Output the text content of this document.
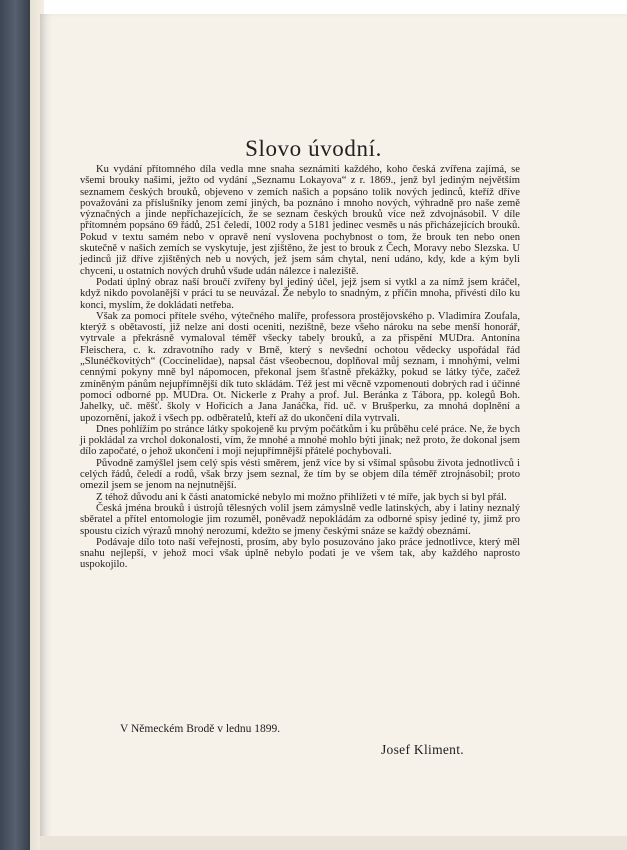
Slovo úvodní.

Ku vydání přítomného díla vedla mne snaha seznámiti každého, koho česká zvířena zajímá, se všemi brouky našimi, ježto od vydání „Seznamu Lokayova“ z r. 1869., jenž byl jediným největším seznamem českých brouků, objeveno v zemích našich a popsáno tolik nových jedinců, kteříž dříve považováni za příslušníky jenom zemí jiných, ba poznáno i mnoho nových, výhradně pro naše země význačných a jinde nepříchazejících, že se seznam českých brouků více než zdvojnásobil. V díle přítomném popsáno 69 řádů, 251 čeledí, 1002 rody a 5181 jedinec vesměs u nás přicházejících brouků. Pokud v textu samém nebo v opravě není vyslovena pochybnost o tom, že brouk ten nebo onen skutečně v našich zemích se vyskytuje, jest zjištěno, že jest to brouk z Čech, Moravy nebo Slezska. U jedinců již dříve zjištěných neb u nových, jež jsem sám chytal, není udáno, kdy, kde a kým byli chyceni, u ostatních nových druhů všude udán nálezce i naleziště.

Podati úplný obraz naší broučí zvířeny byl jediný účel, jejž jsem si vytkl a za nímž jsem kráčel, když nikdo povolanější v práci tu se neuvázal. Že nebylo to snadným, z příčin mnoha, přivésti dílo ku konci, myslím, že dokládati netřeba.

Však za pomoci přítele svého, výtečného malíře, professora prostějovského p. Vladimíra Zoufala, kterýž s obětavostí, již nelze ani dosti oceniti, nezištně, beze všeho nároku na sebe menší honorář, vytrvale a překrásně vymaloval téměř všecky tabely brouků, a za přispění MUDra. Antonína Fleischera, c. k. zdravotního rady v Brně, který s nevšední ochotou vědecky uspořádal řád „Slunéčkovitých“ (Coccinelidae), napsal část všeobecnou, doplňoval můj seznam, i mnohými, velmi cennými pokyny mně byl nápomocen, překonal jsem šťastně překážky, pokud se látky týče, začež zmíněným pánům nejupřímnější dík tuto skládám. Též jest mi věcně vzpomenouti dobrých rad i účinné pomoci odborné pp. MUDra. Ot. Nickerle z Prahy a prof. Jul. Beránka z Tábora, pp. kolegů Boh. Jahelky, uč. měšť. školy v Hořicích a Jana Janáčka, říd. uč. v Brušperku, za mnohá doplnění a upozornění, jakož i všech pp. odběratelů, kteří až do ukončení díla vytrvali.

Dnes pohlížím po stránce látky spokojeně ku prvým počátkům i ku průběhu celé práce. Ne, že bych ji pokládal za vrchol dokonalosti, vím, že mnohé a mnohé mohlo býti jinak; než proto, že dokonal jsem dílo započaté, o jehož ukončení i moji nejupřímnější přátelé pochybovali.

Původně zamýšlel jsem celý spis vésti směrem, jenž více by si všímal spůsobu života jednotlivců i celých řádů, čeledí a rodů, však brzy jsem seznal, že tím by se objem díla téměř ztrojnásobil; proto omezil jsem se jenom na nejnutnější.

Z téhož důvodu ani k části anatomické nebylo mi možno přihlížeti v té míře, jak bych si byl přál.

Česká jména brouků i ústrojů tělesných volil jsem zámyslně vedle latinských, aby i latiny neznalý sběratel a přítel entomologie jim rozuměl, poněvadž nepokládám za odborné spisy jediné ty, jimž pro spoustu cizích výrazů mnohý nerozumí, kdežto se jmeny českými snáze se každý obeznámí.

Podávaje dílo toto naší veřejnosti, prosím, aby bylo posuzováno jako práce jednotlivce, který měl snahu nejlepší, v jehož moci však úplně nebylo podati je ve všem tak, aby každého naprosto uspokojilo.

V Německém Brodě v lednu 1899.
Josef Kliment.
